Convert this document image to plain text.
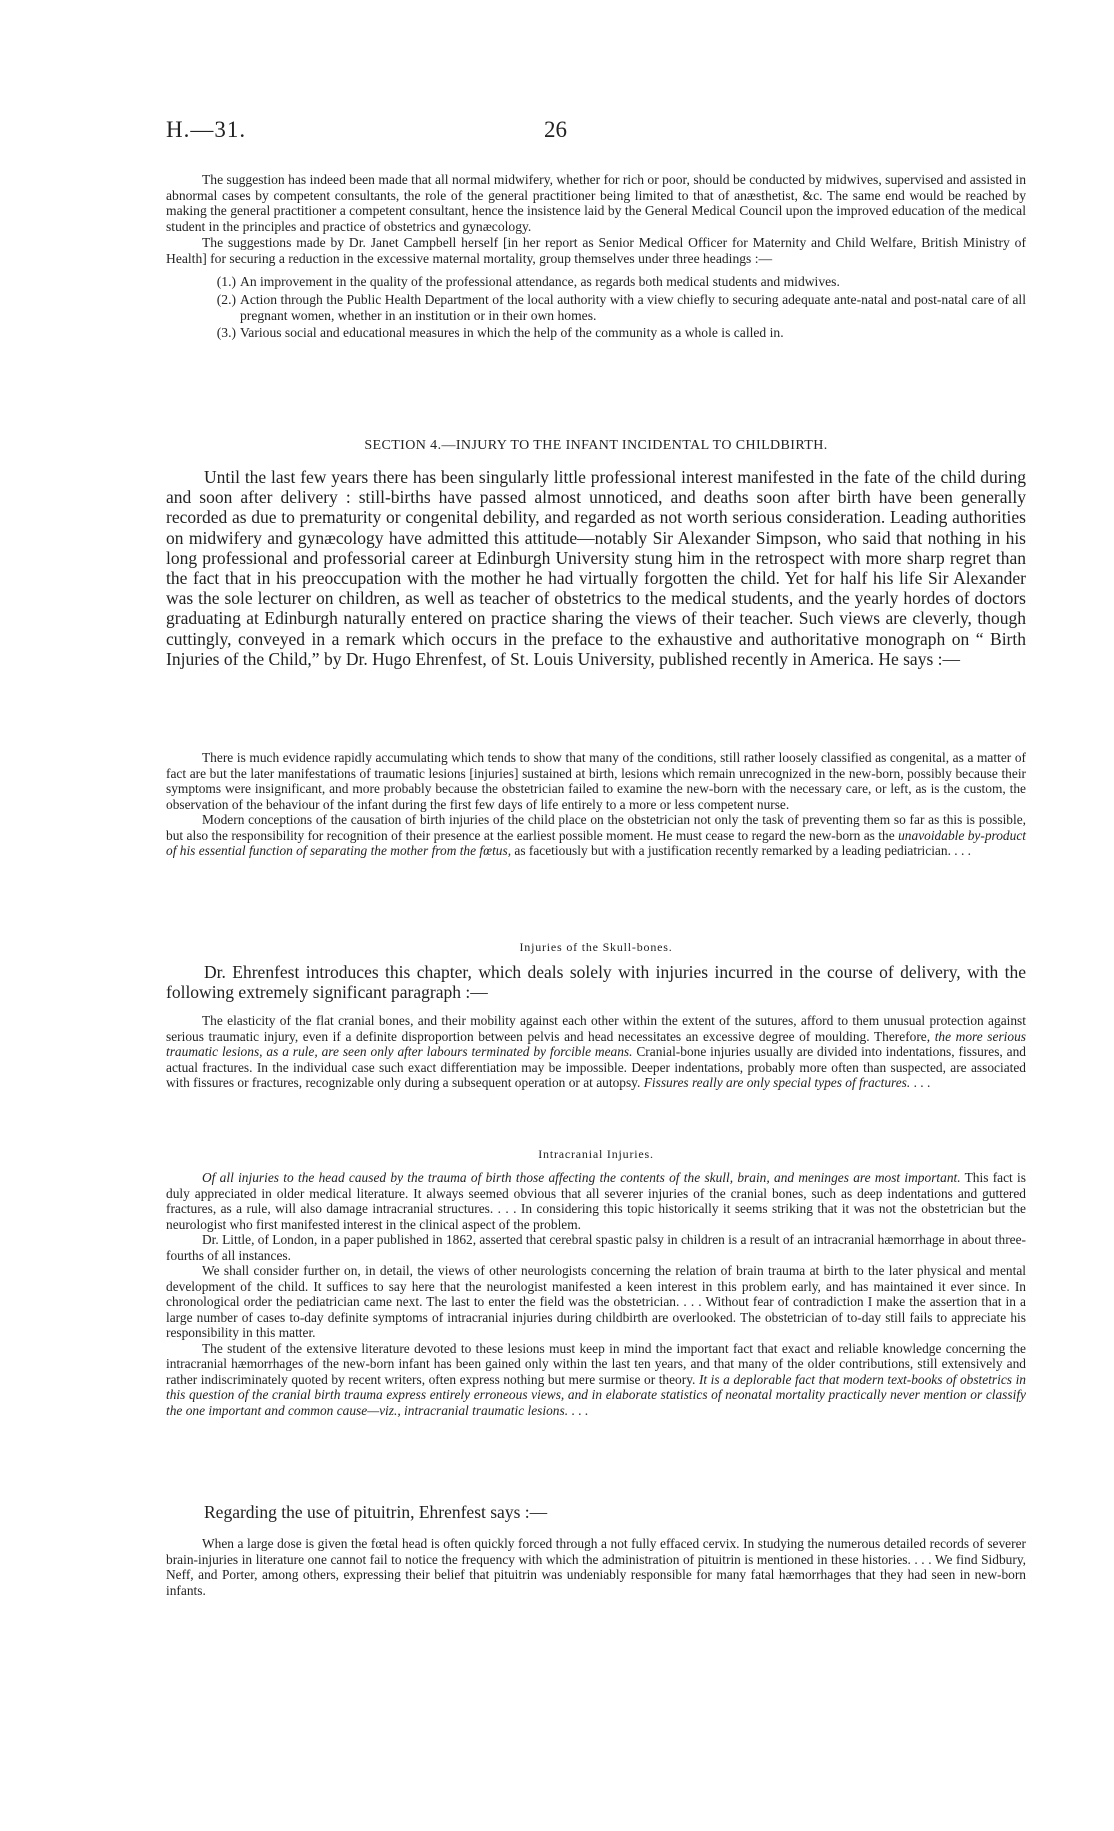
H.—31.	26

The suggestion has indeed been made that all normal midwifery, whether for rich or poor, should be conducted by midwives, supervised and assisted in abnormal cases by competent consultants, the role of the general practitioner being limited to that of anæsthetist, &c. The same end would be reached by making the general practitioner a competent consultant, hence the insistence laid by the General Medical Council upon the improved education of the medical student in the principles and practice of obstetrics and gynæcology.

The suggestions made by Dr. Janet Campbell herself [in her report as Senior Medical Officer for Maternity and Child Welfare, British Ministry of Health] for securing a reduction in the excessive maternal mortality, group themselves under three headings :—

(1.) An improvement in the quality of the professional attendance, as regards both medical students and midwives.
(2.) Action through the Public Health Department of the local authority with a view chiefly to securing adequate ante-natal and post-natal care of all pregnant women, whether in an institution or in their own homes.
(3.) Various social and educational measures in which the help of the community as a whole is called in.

SECTION 4.—INJURY TO THE INFANT INCIDENTAL TO CHILDBIRTH.

Until the last few years there has been singularly little professional interest manifested in the fate of the child during and soon after delivery : still-births have passed almost unnoticed, and deaths soon after birth have been generally recorded as due to prematurity or congenital debility, and regarded as not worth serious consideration. Leading authorities on midwifery and gynæcology have admitted this attitude—notably Sir Alexander Simpson, who said that nothing in his long professional and professorial career at Edinburgh University stung him in the retrospect with more sharp regret than the fact that in his preoccupation with the mother he had virtually forgotten the child. Yet for half his life Sir Alexander was the sole lecturer on children, as well as teacher of obstetrics to the medical students, and the yearly hordes of doctors graduating at Edinburgh naturally entered on practice sharing the views of their teacher. Such views are cleverly, though cuttingly, conveyed in a remark which occurs in the preface to the exhaustive and authoritative monograph on “ Birth Injuries of the Child,” by Dr. Hugo Ehrenfest, of St. Louis University, published recently in America. He says :—

There is much evidence rapidly accumulating which tends to show that many of the conditions, still rather loosely classified as congenital, as a matter of fact are but the later manifestations of traumatic lesions [injuries] sustained at birth, lesions which remain unrecognized in the new-born, possibly because their symptoms were insignificant, and more probably because the obstetrician failed to examine the new-born with the necessary care, or left, as is the custom, the observation of the behaviour of the infant during the first few days of life entirely to a more or less competent nurse.

Modern conceptions of the causation of birth injuries of the child place on the obstetrician not only the task of preventing them so far as this is possible, but also the responsibility for recognition of their presence at the earliest possible moment. He must cease to regard the new-born as the unavoidable by-product of his essential function of separating the mother from the fœtus, as facetiously but with a justification recently remarked by a leading pediatrician. . . .

Injuries of the Skull-bones.

Dr. Ehrenfest introduces this chapter, which deals solely with injuries incurred in the course of delivery, with the following extremely significant paragraph :—

The elasticity of the flat cranial bones, and their mobility against each other within the extent of the sutures, afford to them unusual protection against serious traumatic injury, even if a definite disproportion between pelvis and head necessitates an excessive degree of moulding. Therefore, the more serious traumatic lesions, as a rule, are seen only after labours terminated by forcible means. Cranial-bone injuries usually are divided into indentations, fissures, and actual fractures. In the individual case such exact differentiation may be impossible. Deeper indentations, probably more often than suspected, are associated with fissures or fractures, recognizable only during a subsequent operation or at autopsy. Fissures really are only special types of fractures. . . .

Intracranial Injuries.

Of all injuries to the head caused by the trauma of birth those affecting the contents of the skull, brain, and meninges are most important. This fact is duly appreciated in older medical literature. It always seemed obvious that all severer injuries of the cranial bones, such as deep indentations and guttered fractures, as a rule, will also damage intracranial structures. . . . In considering this topic historically it seems striking that it was not the obstetrician but the neurologist who first manifested interest in the clinical aspect of the problem.

Dr. Little, of London, in a paper published in 1862, asserted that cerebral spastic palsy in children is a result of an intracranial hæmorrhage in about three-fourths of all instances.

We shall consider further on, in detail, the views of other neurologists concerning the relation of brain trauma at birth to the later physical and mental development of the child. It suffices to say here that the neurologist manifested a keen interest in this problem early, and has maintained it ever since. In chronological order the pediatrician came next. The last to enter the field was the obstetrician. . . . Without fear of contradiction I make the assertion that in a large number of cases to-day definite symptoms of intracranial injuries during childbirth are overlooked. The obstetrician of to-day still fails to appreciate his responsibility in this matter.

The student of the extensive literature devoted to these lesions must keep in mind the important fact that exact and reliable knowledge concerning the intracranial hæmorrhages of the new-born infant has been gained only within the last ten years, and that many of the older contributions, still extensively and rather indiscriminately quoted by recent writers, often express nothing but mere surmise or theory. It is a deplorable fact that modern text-books of obstetrics in this question of the cranial birth trauma express entirely erroneous views, and in elaborate statistics of neonatal mortality practically never mention or classify the one important and common cause—viz., intracranial traumatic lesions. . . .

Regarding the use of pituitrin, Ehrenfest says :—

When a large dose is given the fœtal head is often quickly forced through a not fully effaced cervix. In studying the numerous detailed records of severer brain-injuries in literature one cannot fail to notice the frequency with which the administration of pituitrin is mentioned in these histories. . . . We find Sidbury, Neff, and Porter, among others, expressing their belief that pituitrin was undeniably responsible for many fatal hæmorrhages that they had seen in new-born infants.
